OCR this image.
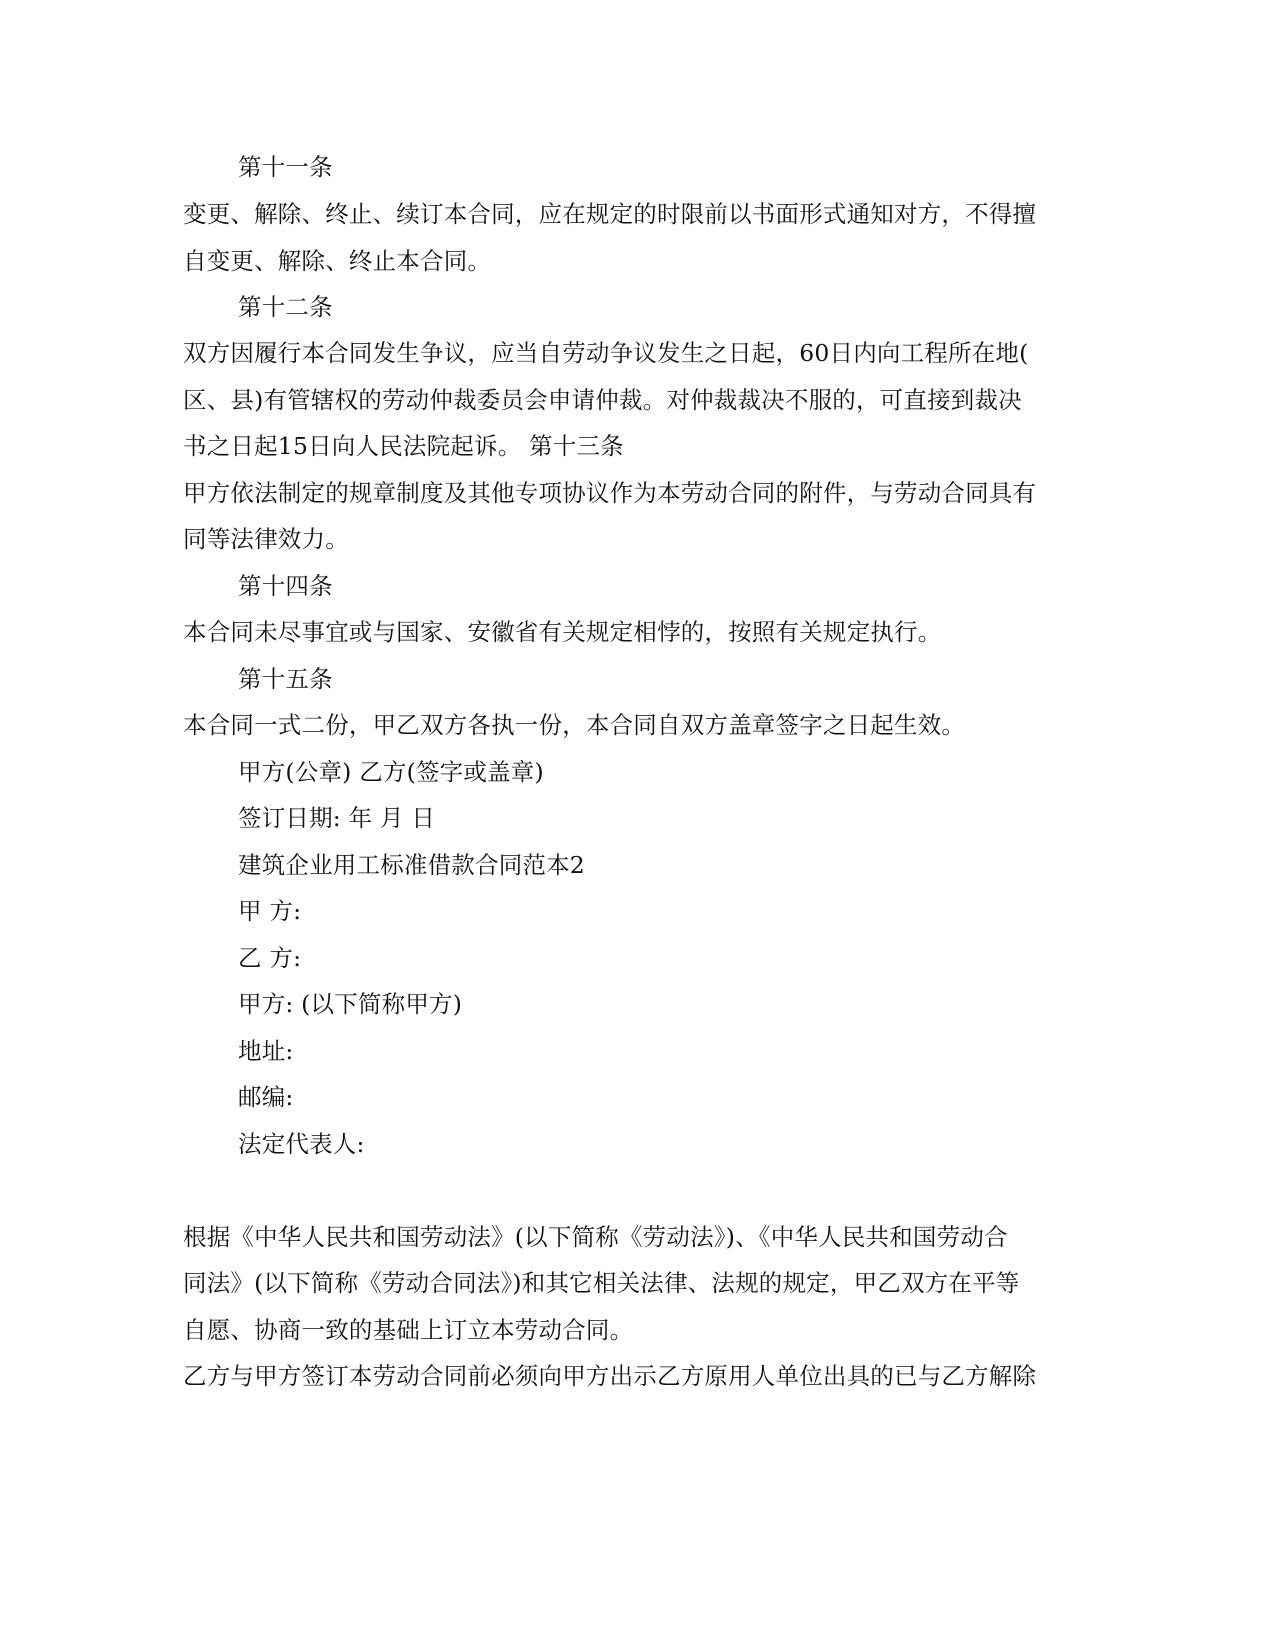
第十一条
变更、解除、终止、续订本合同，应在规定的时限前以书面形式通知对方，不得擅
自变更、解除、终止本合同。
第十二条
双方因履行本合同发生争议，应当自劳动争议发生之日起，60日内向工程所在地(
区、县)有管辖权的劳动仲裁委员会申请仲裁。对仲裁裁决不服的，可直接到裁决
书之日起15日向人民法院起诉。 第十三条
甲方依法制定的规章制度及其他专项协议作为本劳动合同的附件，与劳动合同具有
同等法律效力。
第十四条
本合同未尽事宜或与国家、安徽省有关规定相悖的，按照有关规定执行。
第十五条
本合同一式二份，甲乙双方各执一份，本合同自双方盖章签字之日起生效。
甲方(公章) 乙方(签字或盖章)
签订日期: 年 月 日
建筑企业用工标准借款合同范本2
甲 方:
乙 方:
甲方: (以下简称甲方)
地址:
邮编:
法定代表人:
根据《中华人民共和国劳动法》(以下简称《劳动法》)、《中华人民共和国劳动合
同法》(以下简称《劳动合同法》)和其它相关法律、法规的规定，甲乙双方在平等
自愿、协商一致的基础上订立本劳动合同。
乙方与甲方签订本劳动合同前必须向甲方出示乙方原用人单位出具的已与乙方解除
